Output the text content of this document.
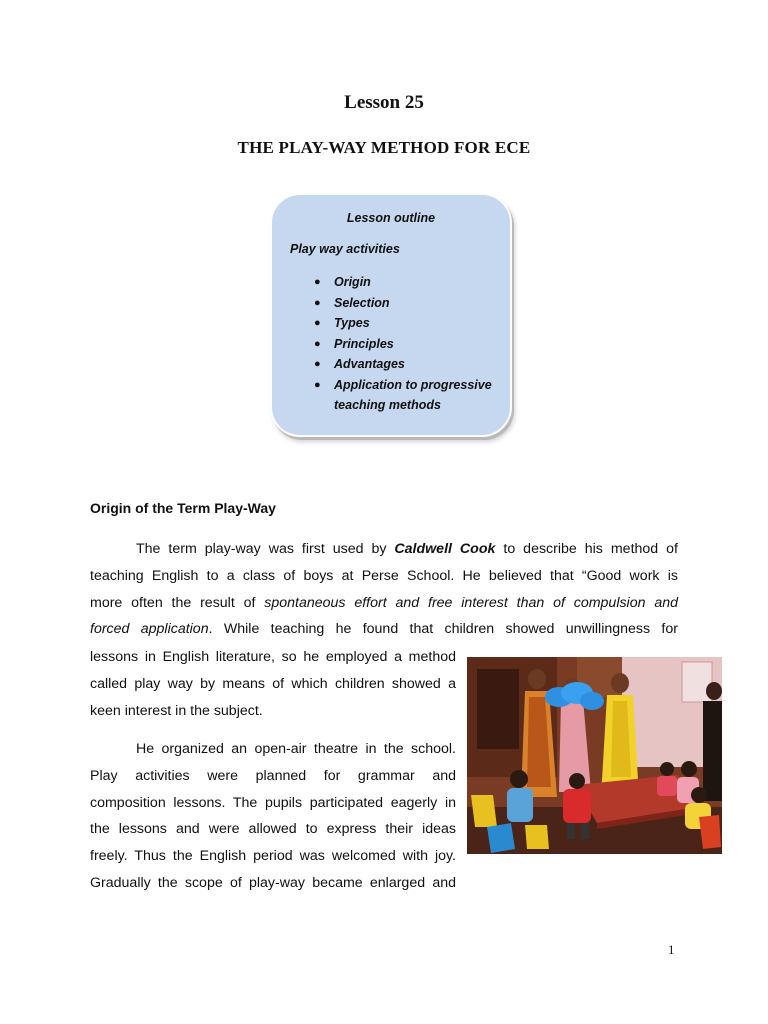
Lesson 25
THE PLAY-WAY METHOD FOR ECE
Lesson outline
Play way activities
● Origin
● Selection
● Types
● Principles
● Advantages
● Application to progressive teaching methods
Origin of the Term Play-Way
The term play-way was first used by Caldwell Cook to describe his method of
teaching English to a class of boys at Perse School. He believed that “Good work is
more often the result of spontaneous effort and free interest than of compulsion and
forced application. While teaching he found that children showed unwillingness for
lessons in English literature, so he employed a method
called play way by means of which children showed a
keen interest in the subject.
He organized an open-air theatre in the school.
Play activities were planned for grammar and
composition lessons. The pupils participated eagerly in
the lessons and were allowed to express their ideas
freely. Thus the English period was welcomed with joy.
Gradually the scope of play-way became enlarged and
1
